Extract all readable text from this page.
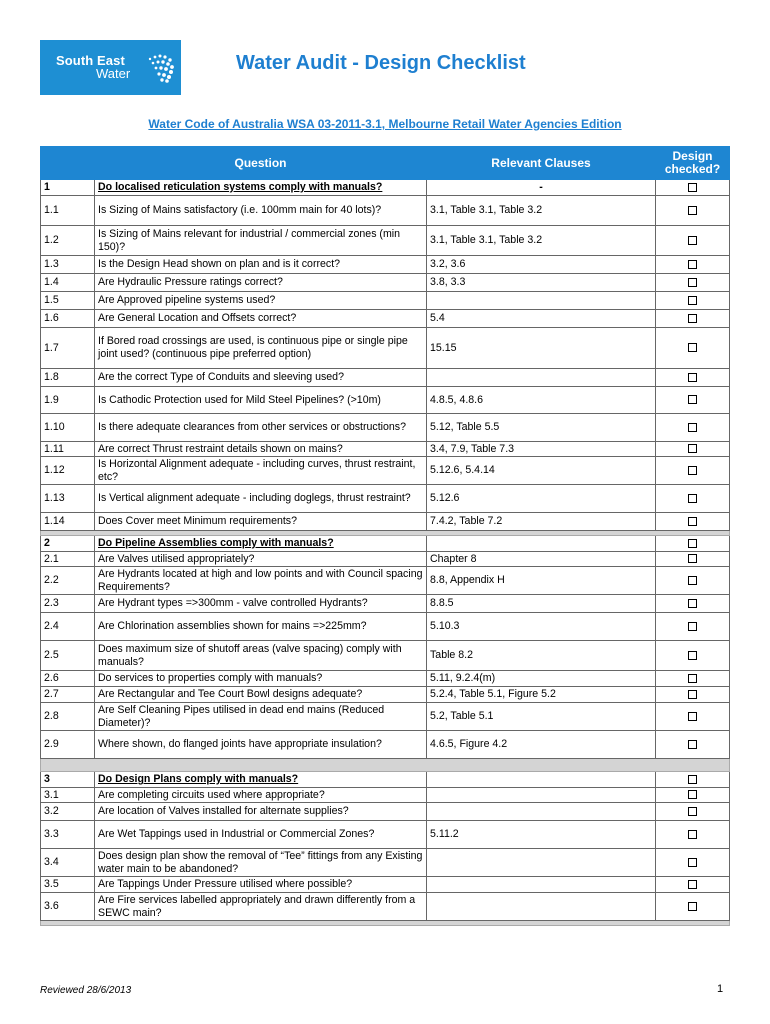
South East
Water	Water Audit - Design Checklist
Water Code of Australia WSA 03-2011-3.1, Melbourne Retail Water Agencies Edition
	Question	Relevant Clauses	Design checked?
1	Do localised reticulation systems comply with manuals?	-	
1.1	Is Sizing of Mains satisfactory (i.e. 100mm main for 40 lots)?	3.1, Table 3.1, Table 3.2	
1.2	Is Sizing of Mains relevant for industrial / commercial zones (min 150)?	3.1, Table 3.1, Table 3.2	
1.3	Is the Design Head shown on plan and is it correct?	3.2, 3.6	
1.4	Are Hydraulic Pressure ratings correct?	3.8, 3.3	
1.5	Are Approved pipeline systems used?		
1.6	Are General Location and Offsets correct?	5.4	
1.7	If Bored road crossings are used, is continuous pipe or single pipe joint used? (continuous pipe preferred option)	15.15	
1.8	Are the correct Type of Conduits and sleeving used?		
1.9	Is Cathodic Protection used for Mild Steel Pipelines? (>10m)	4.8.5, 4.8.6	
1.10	Is there adequate clearances from other services or obstructions?	5.12, Table 5.5	
1.11	Are correct Thrust restraint details shown on mains?	3.4, 7.9, Table 7.3	
1.12	Is Horizontal Alignment adequate - including curves, thrust restraint, etc?	5.12.6, 5.4.14	
1.13	Is Vertical alignment adequate - including doglegs, thrust restraint?	5.12.6	
1.14	Does Cover meet Minimum requirements?	7.4.2, Table 7.2	

2	Do Pipeline Assemblies comply with manuals?		
2.1	Are Valves utilised appropriately?	Chapter 8	
2.2	Are Hydrants located at high and low points and with Council spacing Requirements?	8.8, Appendix H	
2.3	Are Hydrant types =>300mm - valve controlled Hydrants?	8.8.5	
2.4	Are Chlorination assemblies shown for mains =>225mm?	5.10.3	
2.5	Does maximum size of shutoff areas (valve spacing) comply with manuals?	Table 8.2	
2.6	Do services to properties comply with manuals?	5.11, 9.2.4(m)	
2.7	Are Rectangular and Tee Court Bowl designs adequate?	5.2.4, Table 5.1, Figure 5.2	
2.8	Are Self Cleaning Pipes utilised in dead end mains (Reduced Diameter)?	5.2, Table 5.1	
2.9	Where shown, do flanged joints have appropriate insulation?	4.6.5, Figure 4.2	

3	Do Design Plans comply with manuals?		
3.1	Are completing circuits used where appropriate?		
3.2	Are location of Valves installed for alternate supplies?		
3.3	Are Wet Tappings used in Industrial or Commercial Zones?	5.11.2	
3.4	Does design plan show the removal of “Tee” fittings from any Existing water main to be abandoned?		
3.5	Are Tappings Under Pressure utilised where possible?		
3.6	Are Fire services labelled appropriately and drawn differently from a SEWC main?		

Reviewed 28/6/2013	1
